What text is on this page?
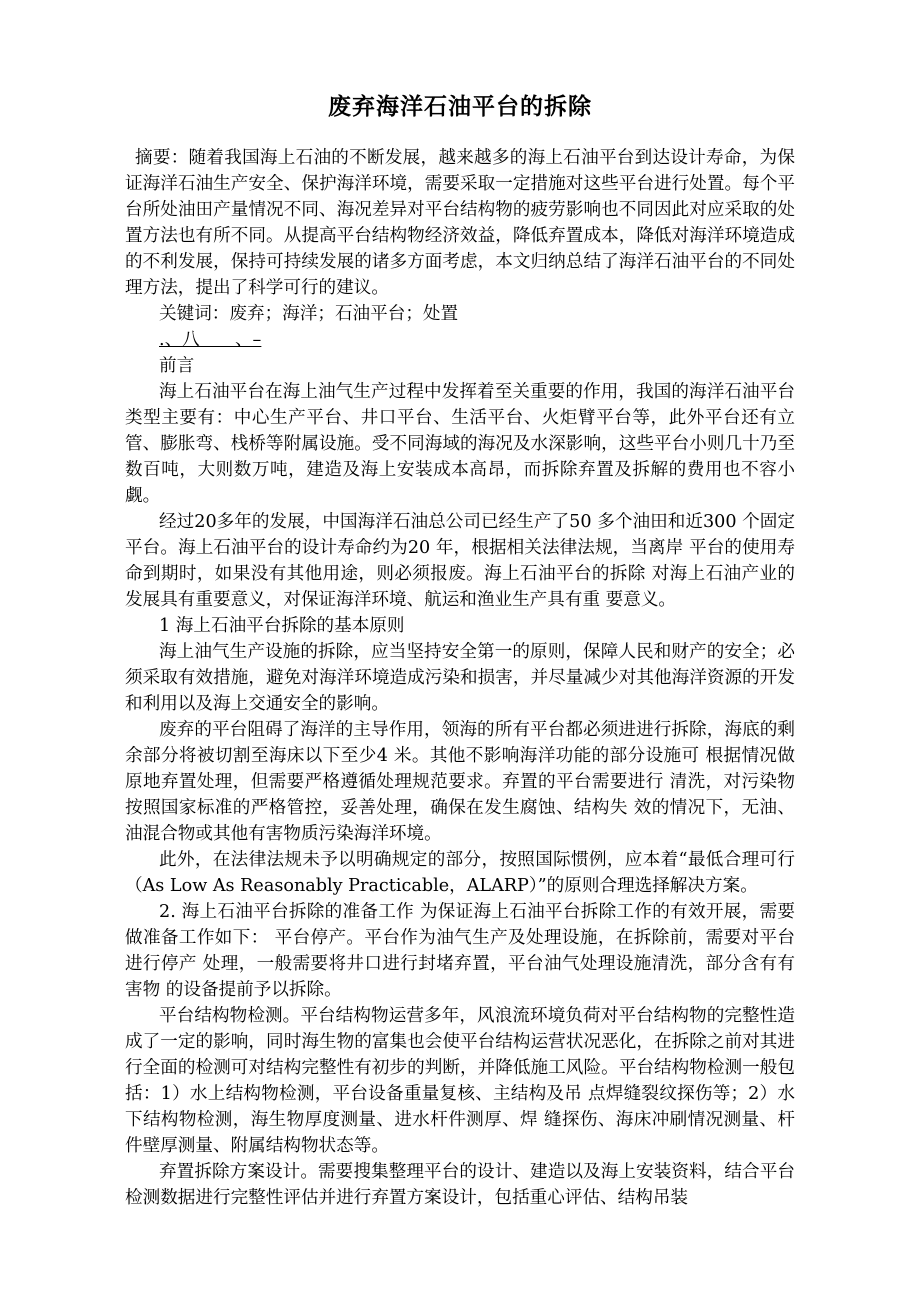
废弃海洋石油平台的拆除

摘要：随着我国海上石油的不断发展，越来越多的海上石油平台到达设计寿命，为保证海洋石油生产安全、保护海洋环境，需要采取一定措施对这些平台进行处置。每个平台所处油田产量情况不同、海况差异对平台结构物的疲劳影响也不同因此对应采取的处置方法也有所不同。从提高平台结构物经济效益，降低弃置成本，降低对海洋环境造成的不利发展，保持可持续发展的诸多方面考虑，本文归纳总结了海洋石油平台的不同处理方法，提出了科学可行的建议。

关键词：废弃；海洋；石油平台；处置

.、八　　、–

前言

海上石油平台在海上油气生产过程中发挥着至关重要的作用，我国的海洋石油平台类型主要有：中心生产平台、井口平台、生活平台、火炬臂平台等，此外平台还有立管、膨胀弯、栈桥等附属设施。受不同海域的海况及水深影响，这些平台小则几十乃至数百吨，大则数万吨，建造及海上安装成本高昂，而拆除弃置及拆解的费用也不容小觑。

经过20多年的发展，中国海洋石油总公司已经生产了50 多个油田和近300 个固定平台。海上石油平台的设计寿命约为20 年，根据相关法律法规，当离岸 平台的使用寿命到期时，如果没有其他用途，则必须报废。海上石油平台的拆除 对海上石油产业的发展具有重要意义，对保证海洋环境、航运和渔业生产具有重 要意义。

1 海上石油平台拆除的基本原则

海上油气生产设施的拆除，应当坚持安全第一的原则，保障人民和财产的安全；必须采取有效措施，避免对海洋环境造成污染和损害，并尽量减少对其他海洋资源的开发和利用以及海上交通安全的影响。

废弃的平台阻碍了海洋的主导作用，领海的所有平台都必须进进行拆除，海底的剩余部分将被切割至海床以下至少4 米。其他不影响海洋功能的部分设施可 根据情况做原地弃置处理，但需要严格遵循处理规范要求。弃置的平台需要进行 清洗，对污染物按照国家标准的严格管控，妥善处理，确保在发生腐蚀、结构失 效的情况下，无油、油混合物或其他有害物质污染海洋环境。

此外，在法律法规未予以明确规定的部分，按照国际惯例，应本着“最低合理可行（As Low As Reasonably Practicable，ALARP）”的原则合理选择解决方案。

2. 海上石油平台拆除的准备工作 为保证海上石油平台拆除工作的有效开展，需要做准备工作如下： 平台停产。平台作为油气生产及处理设施，在拆除前，需要对平台进行停产 处理，一般需要将井口进行封堵弃置，平台油气处理设施清洗，部分含有有害物 的设备提前予以拆除。

平台结构物检测。平台结构物运营多年，风浪流环境负荷对平台结构物的完整性造成了一定的影响，同时海生物的富集也会使平台结构运营状况恶化，在拆除之前对其进行全面的检测可对结构完整性有初步的判断，并降低施工风险。平台结构物检测一般包括：1）水上结构物检测，平台设备重量复核、主结构及吊 点焊缝裂纹探伤等；2）水下结构物检测，海生物厚度测量、进水杆件测厚、焊 缝探伤、海床冲刷情况测量、杆件壁厚测量、附属结构物状态等。

弃置拆除方案设计。需要搜集整理平台的设计、建造以及海上安装资料，结合平台检测数据进行完整性评估并进行弃置方案设计，包括重心评估、结构吊装
